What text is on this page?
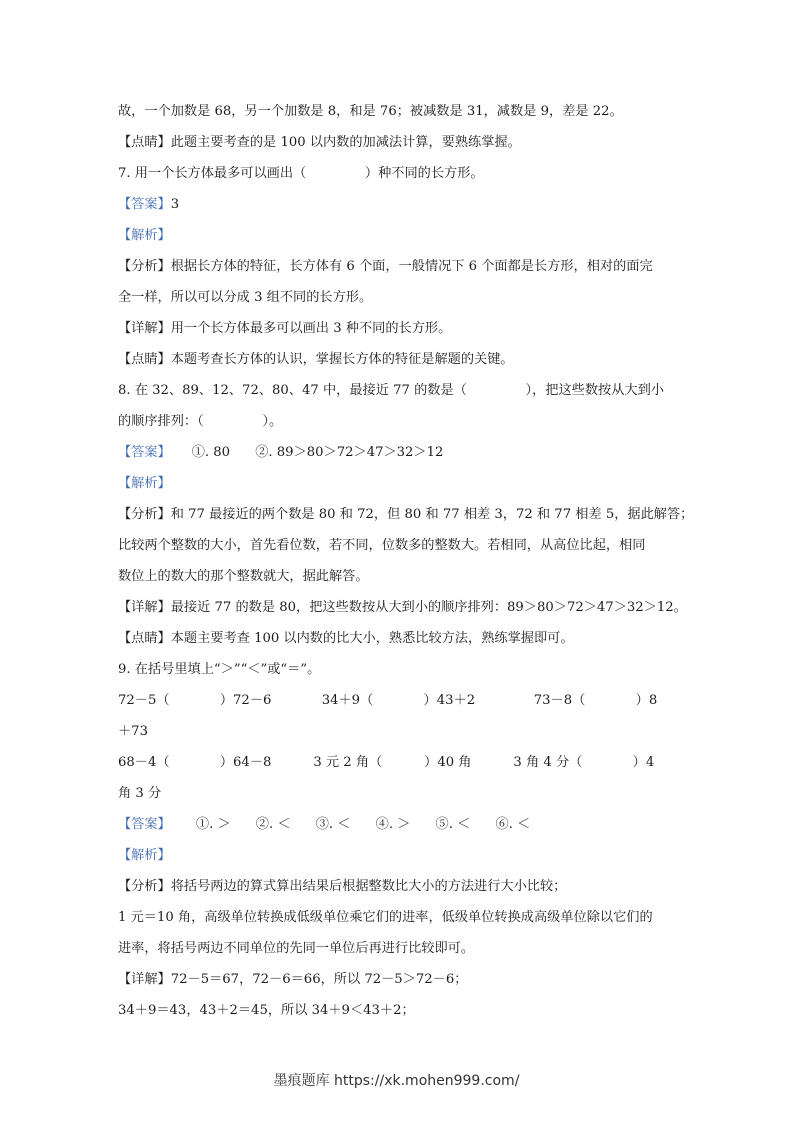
故，一个加数是 68，另一个加数是 8，和是 76；被减数是 31，减数是 9，差是 22。
【点睛】此题主要考查的是 100 以内数的加减法计算，要熟练掌握。
7. 用一个长方体最多可以画出（              ）种不同的长方形。
【答案】3
【解析】
【分析】根据长方体的特征，长方体有 6 个面，一般情况下 6 个面都是长方形，相对的面完
全一样，所以可以分成 3 组不同的长方形。
【详解】用一个长方体最多可以画出 3 种不同的长方形。
【点睛】本题考查长方体的认识，掌握长方体的特征是解题的关键。
8. 在 32、89、12、72、80、47 中，最接近 77 的数是（              ），把这些数按从大到小
的顺序排列：（              ）。
【答案】     ①. 80      ②. 89＞80＞72＞47＞32＞12
【解析】
【分析】和 77 最接近的两个数是 80 和 72，但 80 和 77 相差 3，72 和 77 相差 5，据此解答；
比较两个整数的大小，首先看位数，若不同，位数多的整数大。若相同，从高位比起，相同
数位上的数大的那个整数就大，据此解答。
【详解】最接近 77 的数是 80，把这些数按从大到小的顺序排列：89＞80＞72＞47＞32＞12。
【点睛】本题主要考查 100 以内数的比大小，熟悉比较方法，熟练掌握即可。
9. 在括号里填上“＞”“＜”或“＝”。
72－5（            ）72－6            34＋9（            ）43＋2              73－8（            ）8
＋73
68－4（            ）64－8          3 元 2 角（          ）40 角          3 角 4 分（            ）4
角 3 分
【答案】      ①. ＞      ②. ＜      ③. ＜      ④. ＞      ⑤. ＜      ⑥. ＜
【解析】
【分析】将括号两边的算式算出结果后根据整数比大小的方法进行大小比较；
1 元＝10 角，高级单位转换成低级单位乘它们的进率，低级单位转换成高级单位除以它们的
进率，将括号两边不同单位的先同一单位后再进行比较即可。
【详解】72－5＝67，72－6＝66，所以 72－5＞72－6；
34＋9＝43，43＋2＝45，所以 34＋9＜43＋2；
墨痕题库 https://xk.mohen999.com/
